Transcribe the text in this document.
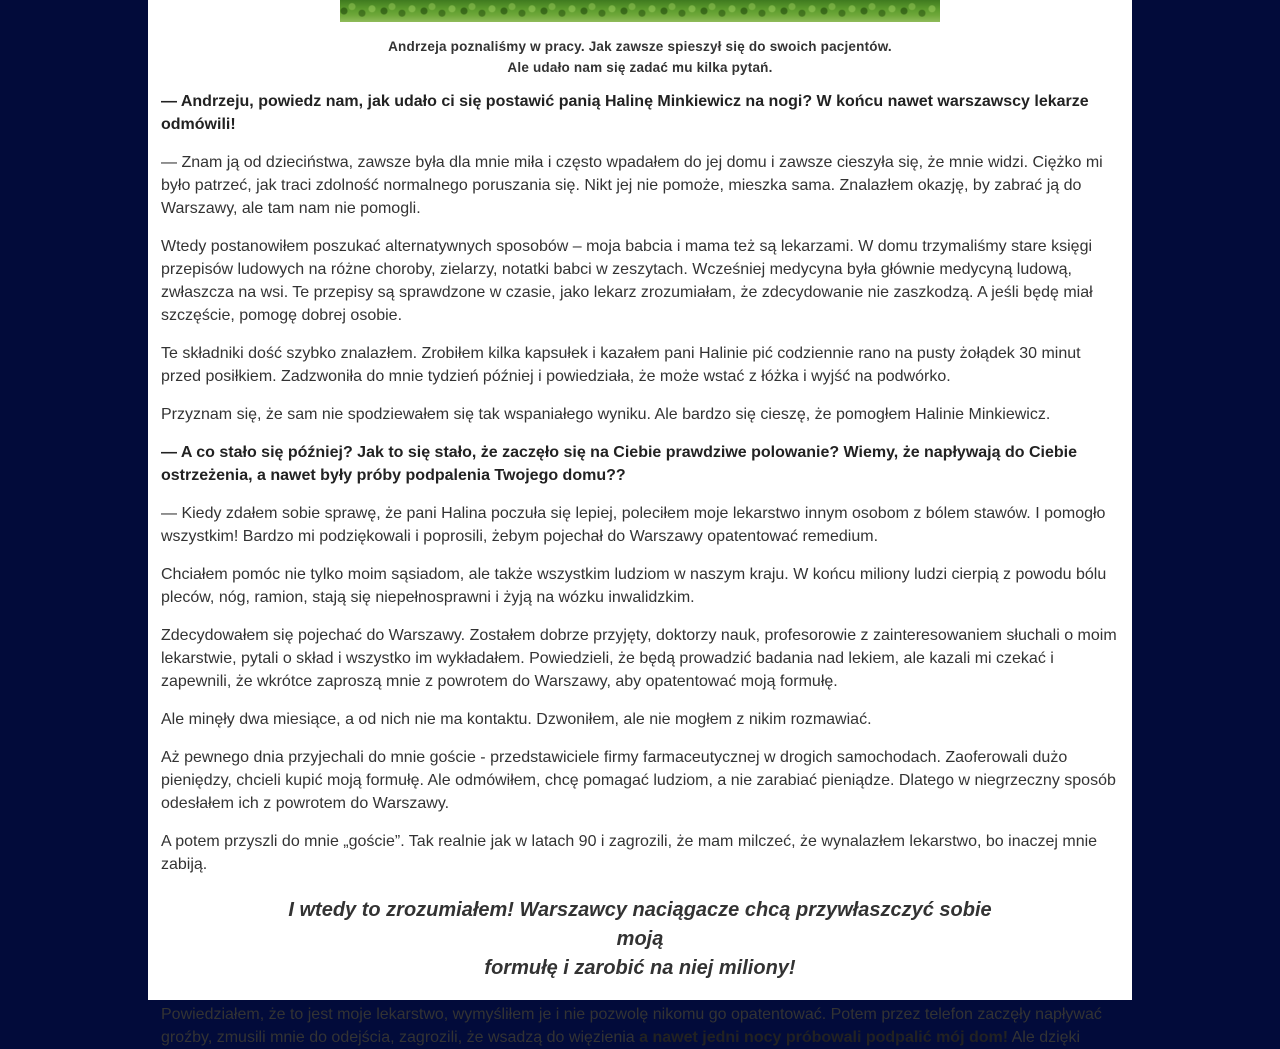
Andrzeja poznaliśmy w pracy. Jak zawsze spieszył się do swoich pacjentów.
Ale udało nam się zadać mu kilka pytań.

— Andrzeju, powiedz nam, jak udało ci się postawić panią Halinę Minkiewicz na nogi? W końcu nawet warszawscy lekarze odmówili!

— Znam ją od dzieciństwa, zawsze była dla mnie miła i często wpadałem do jej domu i zawsze cieszyła się, że mnie widzi. Ciężko mi było patrzeć, jak traci zdolność normalnego poruszania się. Nikt jej nie pomoże, mieszka sama. Znalazłem okazję, by zabrać ją do Warszawy, ale tam nam nie pomogli.

Wtedy postanowiłem poszukać alternatywnych sposobów – moja babcia i mama też są lekarzami. W domu trzymaliśmy stare księgi przepisów ludowych na różne choroby, zielarzy, notatki babci w zeszytach. Wcześniej medycyna była głównie medycyną ludową, zwłaszcza na wsi. Te przepisy są sprawdzone w czasie, jako lekarz zrozumiałam, że zdecydowanie nie zaszkodzą. A jeśli będę miał szczęście, pomogę dobrej osobie.

Te składniki dość szybko znalazłem. Zrobiłem kilka kapsułek i kazałem pani Halinie pić codziennie rano na pusty żołądek 30 minut przed posiłkiem. Zadzwoniła do mnie tydzień później i powiedziała, że może wstać z łóżka i wyjść na podwórko.

Przyznam się, że sam nie spodziewałem się tak wspaniałego wyniku. Ale bardzo się cieszę, że pomogłem Halinie Minkiewicz.

— A co stało się później? Jak to się stało, że zaczęło się na Ciebie prawdziwe polowanie? Wiemy, że napływają do Ciebie ostrzeżenia, a nawet były próby podpalenia Twojego domu??

— Kiedy zdałem sobie sprawę, że pani Halina poczuła się lepiej, poleciłem moje lekarstwo innym osobom z bólem stawów. I pomogło wszystkim! Bardzo mi podziękowali i poprosili, żebym pojechał do Warszawy opatentować remedium.

Chciałem pomóc nie tylko moim sąsiadom, ale także wszystkim ludziom w naszym kraju. W końcu miliony ludzi cierpią z powodu bólu pleców, nóg, ramion, stają się niepełnosprawni i żyją na wózku inwalidzkim.

Zdecydowałem się pojechać do Warszawy. Zostałem dobrze przyjęty, doktorzy nauk, profesorowie z zainteresowaniem słuchali o moim lekarstwie, pytali o skład i wszystko im wykładałem. Powiedzieli, że będą prowadzić badania nad lekiem, ale kazali mi czekać i zapewnili, że wkrótce zaproszą mnie z powrotem do Warszawy, aby opatentować moją formułę.

Ale minęły dwa miesiące, a od nich nie ma kontaktu. Dzwoniłem, ale nie mogłem z nikim rozmawiać.

Aż pewnego dnia przyjechali do mnie goście - przedstawiciele firmy farmaceutycznej w drogich samochodach. Zaoferowali dużo pieniędzy, chcieli kupić moją formułę. Ale odmówiłem, chcę pomagać ludziom, a nie zarabiać pieniądze. Dlatego w niegrzeczny sposób odesłałem ich z powrotem do Warszawy.

A potem przyszli do mnie „goście”. Tak realnie jak w latach 90 i zagrozili, że mam milczeć, że wynalazłem lekarstwo, bo inaczej mnie zabiją.

I wtedy to zrozumiałem! Warszawcy naciągacze chcą przywłaszczyć sobie moją
formułę i zarobić na niej miliony!

Powiedziałem, że to jest moje lekarstwo, wymyśliłem je i nie pozwolę nikomu go opatentować. Potem przez telefon zaczęły napływać groźby, zmusili mnie do odejścia, zagrozili, że wsadzą do więzienia a nawet jedni nocy próbowali podpalić mój dom! Ale dzięki
